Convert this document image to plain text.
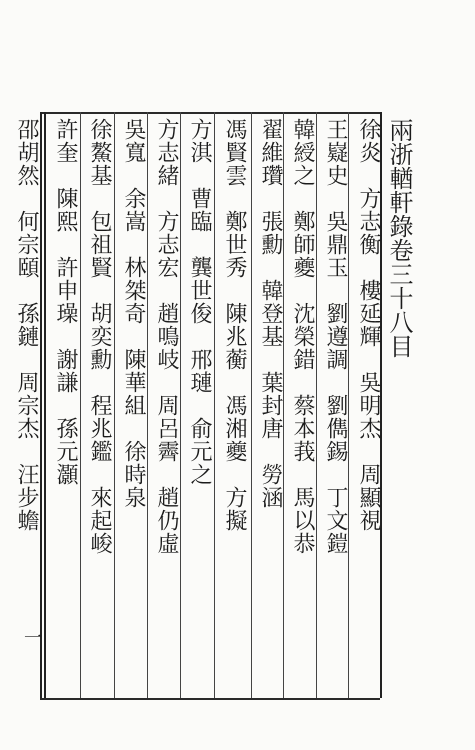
兩浙輶軒錄卷三十八目
徐炎　方志衡　樓延輝　吳明杰　周顯視
王嶷史　吳鼎玉　劉遵調　劉儁錫　丁文鎧
韓綬之　鄭師夔　沈榮錯　蔡本莪　馬以恭
翟維瓚　張勳　韓登基　葉封唐　勞涵
馮賢雲　鄭世秀　陳兆蘅　馮湘夔　方擬
方淇　曹臨　龔世俊　邢璉　俞元之
方志緒　方志宏　趙鳴岐　周呂霽　趙仍虛
吳寬　余嵩　林桀奇　陳華組　徐時泉
徐鰲基　包祖賢　胡奕勳　程兆鑑　來起峻
許奎　陳熙　許申璪　謝謙　孫元灝
邵胡然　何宗頤　孫鏈　周宗杰　汪步蟾
一
